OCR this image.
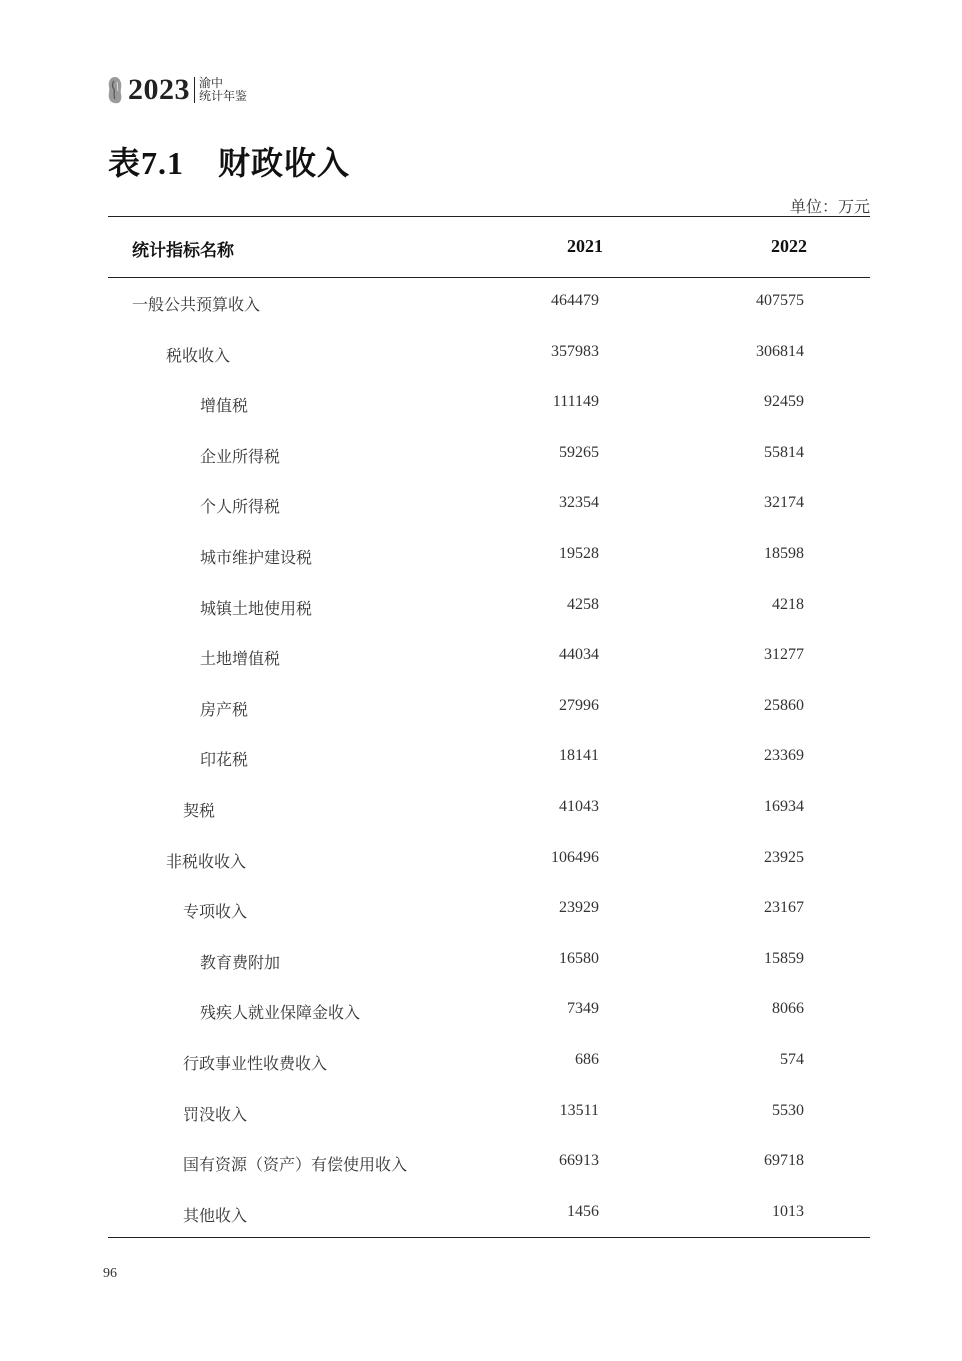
2023 渝中
统计年鉴
表7.1 财政收入
单位：万元
统计指标名称	2021	2022
一般公共预算收入	464479	407575
税收收入	357983	306814
增值税	111149	92459
企业所得税	59265	55814
个人所得税	32354	32174
城市维护建设税	19528	18598
城镇土地使用税	4258	4218
土地增值税	44034	31277
房产税	27996	25860
印花税	18141	23369
契税	41043	16934
非税收收入	106496	23925
专项收入	23929	23167
教育费附加	16580	15859
残疾人就业保障金收入	7349	8066
行政事业性收费收入	686	574
罚没收入	13511	5530
国有资源（资产）有偿使用收入	66913	69718
其他收入	1456	1013
96
